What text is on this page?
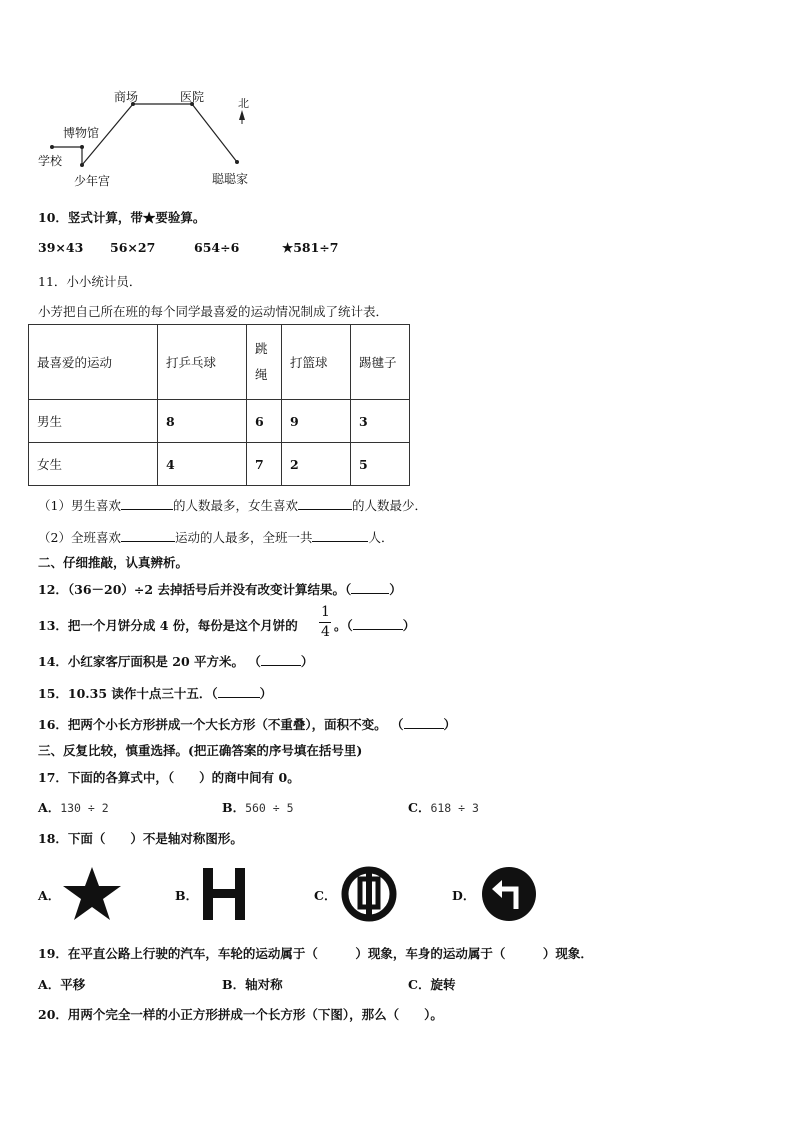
学校
博物馆
少年宫
商场	医院
聪聪家
北
10．竖式计算，带★要验算。
39×43 56×27	654÷6	★581÷7
11．小小统计员．
小芳把自己所在班的每个同学最喜爱的运动情况制成了统计表．
最喜爱的运动	打乒乓球	跳绳	打篮球	踢毽子
男生	8	6	9	3
女生	4	7	2	5
（1）男生喜欢	的人数最多，女生喜欢	的人数最少．
（2）全班喜欢	运动的人最多，全班一共	人．
二、仔细推敲，认真辨析。
12．（36－20）÷2 去掉括号后并没有改变计算结果。（	）
13．把一个月饼分成 4 份，每份是这个月饼的
1
4 。（	）
14．小红家客厅面积是 20 平方米。 （	）
15．10.35 读作十点三十五．（	）
16．把两个小长方形拼成一个大长方形（不重叠），面积不变。 （	）
三、反复比较，慎重选择。(把正确答案的序号填在括号里)
17．下面的各算式中，（　　）的商中间有 0。
A．130 ÷ 2	B．560 ÷ 5	C．618 ÷ 3
18．下面（　　）不是轴对称图形。
A．	B．	C．	D．
19．在平直公路上行驶的汽车，车轮的运动属于（　　　）现象，车身的运动属于（　　　）现象．
A．平移	B．轴对称	C．旋转
20．用两个完全一样的小正方形拼成一个长方形（下图），那么（　　）。
